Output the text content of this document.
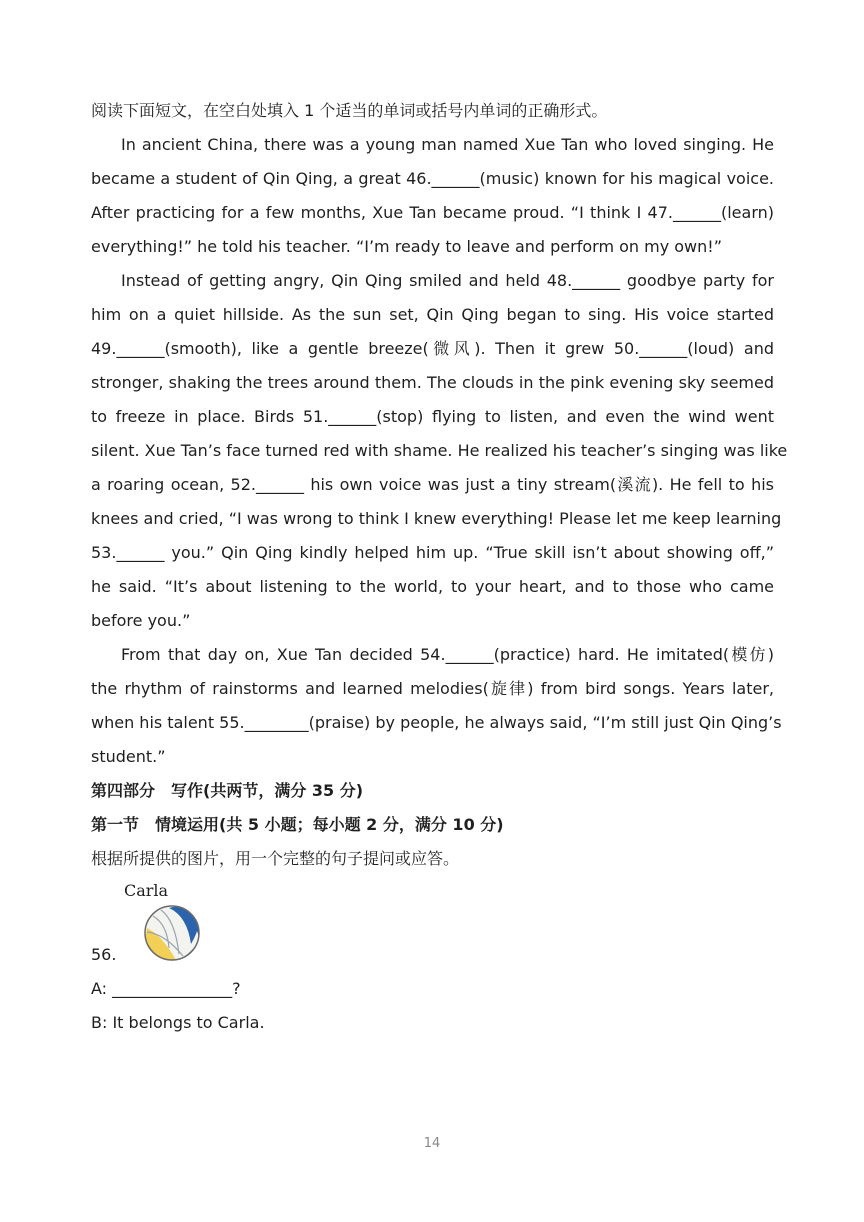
阅读下面短文，在空白处填入 1 个适当的单词或括号内单词的正确形式。
In ancient China, there was a young man named Xue Tan who loved singing. He
became a student of Qin Qing, a great 46.______(music) known for his magical voice.
After practicing for a few months, Xue Tan became proud. “I think I 47.______(learn)
everything!” he told his teacher. “I’m ready to leave and perform on my own!”
Instead of getting angry, Qin Qing smiled and held 48.______ goodbye party for
him on a quiet hillside. As the sun set, Qin Qing began to sing. His voice started
49.______(smooth), like a gentle breeze(微风). Then it grew 50.______(loud) and
stronger, shaking the trees around them. The clouds in the pink evening sky seemed
to freeze in place. Birds 51.______(stop) flying to listen, and even the wind went
silent. Xue Tan’s face turned red with shame. He realized his teacher’s singing was like
a roaring ocean, 52.______ his own voice was just a tiny stream(溪流). He fell to his
knees and cried, “I was wrong to think I knew everything! Please let me keep learning
53.______ you.” Qin Qing kindly helped him up. “True skill isn’t about showing off,”
he said. “It’s about listening to the world, to your heart, and to those who came
before you.”
From that day on, Xue Tan decided 54.______(practice) hard. He imitated(模仿)
the rhythm of rainstorms and learned melodies(旋律) from bird songs. Years later,
when his talent 55.________(praise) by people, he always said, “I’m still just Qin Qing’s
student.”
第四部分　写作(共两节，满分 35 分)
第一节　情境运用(共 5 小题；每小题 2 分，满分 10 分)
根据所提供的图片，用一个完整的句子提问或应答。
56.
Carla
A: _______________?
B: It belongs to Carla.
14
